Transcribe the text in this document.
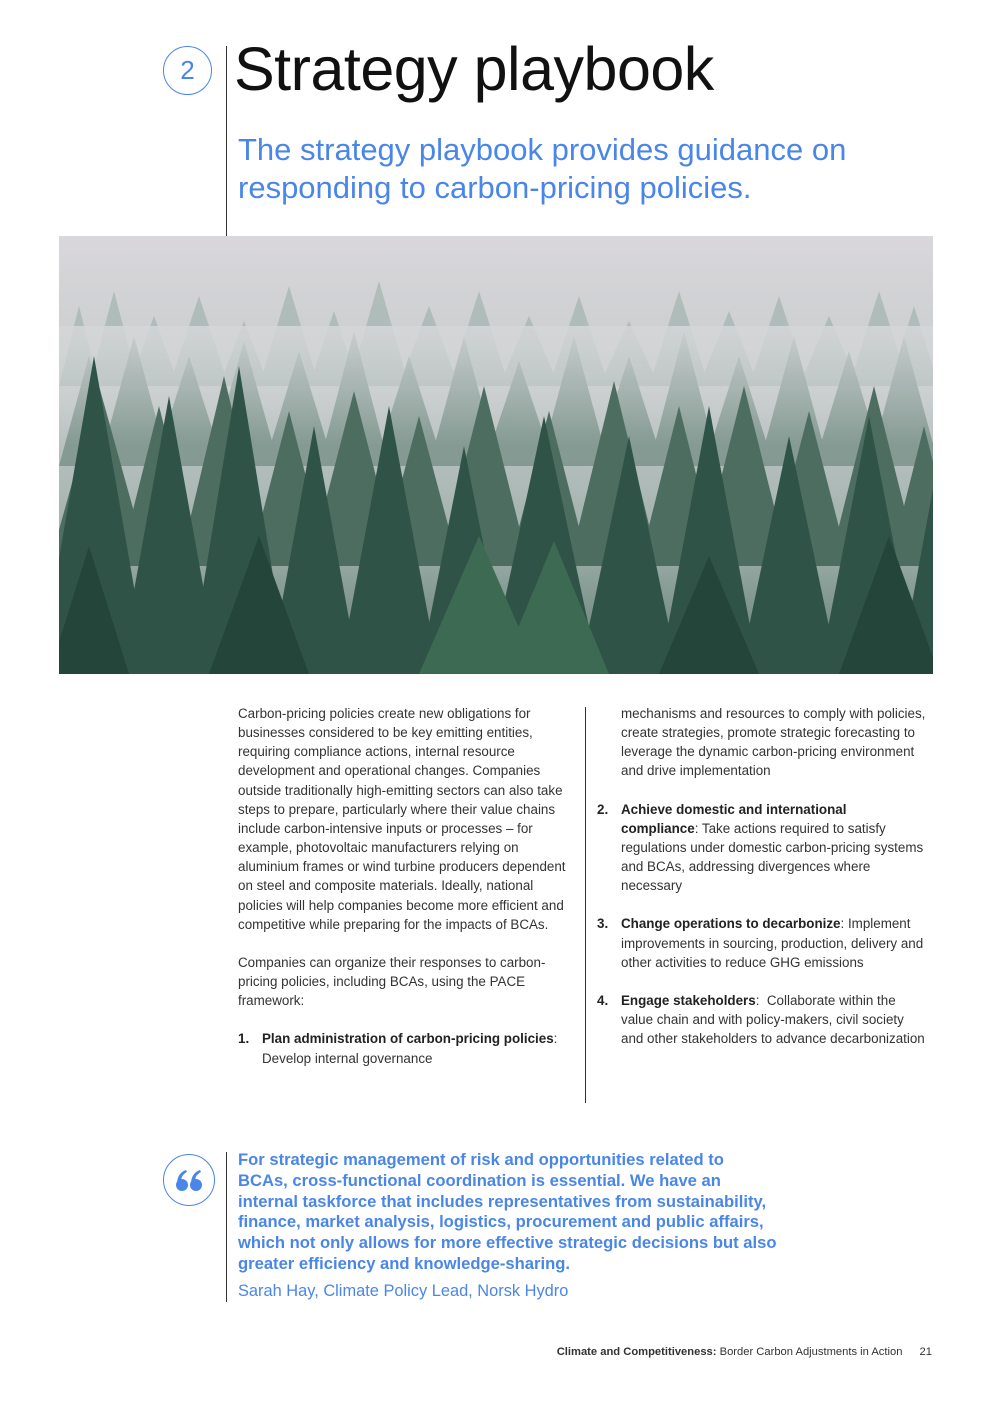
2 Strategy playbook
The strategy playbook provides guidance on responding to carbon-pricing policies.

Carbon-pricing policies create new obligations for businesses considered to be key emitting entities, requiring compliance actions, internal resource development and operational changes. Companies outside traditionally high-emitting sectors can also take steps to prepare, particularly where their value chains include carbon-intensive inputs or processes – for example, photovoltaic manufacturers relying on aluminium frames or wind turbine producers dependent on steel and composite materials. Ideally, national policies will help companies become more efficient and competitive while preparing for the impacts of BCAs.

Companies can organize their responses to carbon-pricing policies, including BCAs, using the PACE framework:

1. Plan administration of carbon-pricing policies: Develop internal governance

mechanisms and resources to comply with policies, create strategies, promote strategic forecasting to leverage the dynamic carbon-pricing environment and drive implementation

2. Achieve domestic and international compliance: Take actions required to satisfy regulations under domestic carbon-pricing systems and BCAs, addressing divergences where necessary
3. Change operations to decarbonize: Implement improvements in sourcing, production, delivery and other activities to reduce GHG emissions
4. Engage stakeholders:  Collaborate within the value chain and with policy-makers, civil society and other stakeholders to advance decarbonization

For strategic management of risk and opportunities related to BCAs, cross-functional coordination is essential. We have an internal taskforce that includes representatives from sustainability, finance, market analysis, logistics, procurement and public affairs, which not only allows for more effective strategic decisions but also greater efficiency and knowledge-sharing.

Sarah Hay, Climate Policy Lead, Norsk Hydro

Climate and Competitiveness: Border Carbon Adjustments in Action 21
